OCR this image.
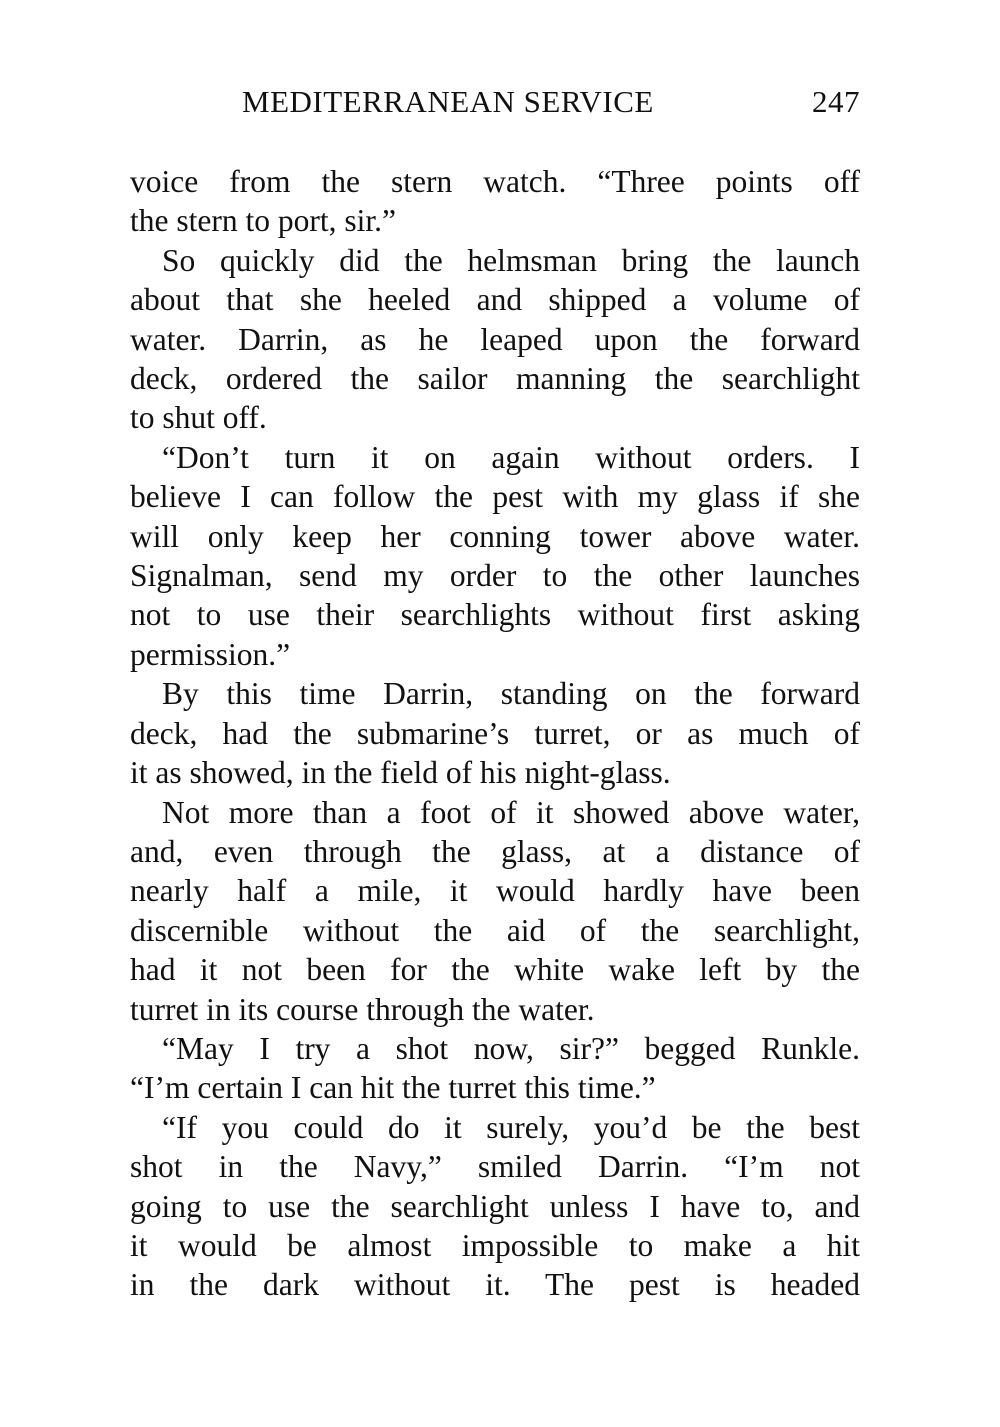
MEDITERRANEAN SERVICE	247

voice from the stern watch. “Three points off
the stern to port, sir.”

So quickly did the helmsman bring the launch
about that she heeled and shipped a volume of
water. Darrin, as he leaped upon the forward
deck, ordered the sailor manning the searchlight
to shut off.

“Don’t turn it on again without orders. I
believe I can follow the pest with my glass if she
will only keep her conning tower above water.
Signalman, send my order to the other launches
not to use their searchlights without first asking
permission.”

By this time Darrin, standing on the forward
deck, had the submarine’s turret, or as much of
it as showed, in the field of his night-glass.

Not more than a foot of it showed above water,
and, even through the glass, at a distance of
nearly half a mile, it would hardly have been
discernible without the aid of the searchlight,
had it not been for the white wake left by the
turret in its course through the water.

“May I try a shot now, sir?” begged Runkle.
“I’m certain I can hit the turret this time.”

“If you could do it surely, you’d be the best
shot in the Navy,” smiled Darrin. “I’m not
going to use the searchlight unless I have to, and
it would be almost impossible to make a hit
in the dark without it. The pest is headed
